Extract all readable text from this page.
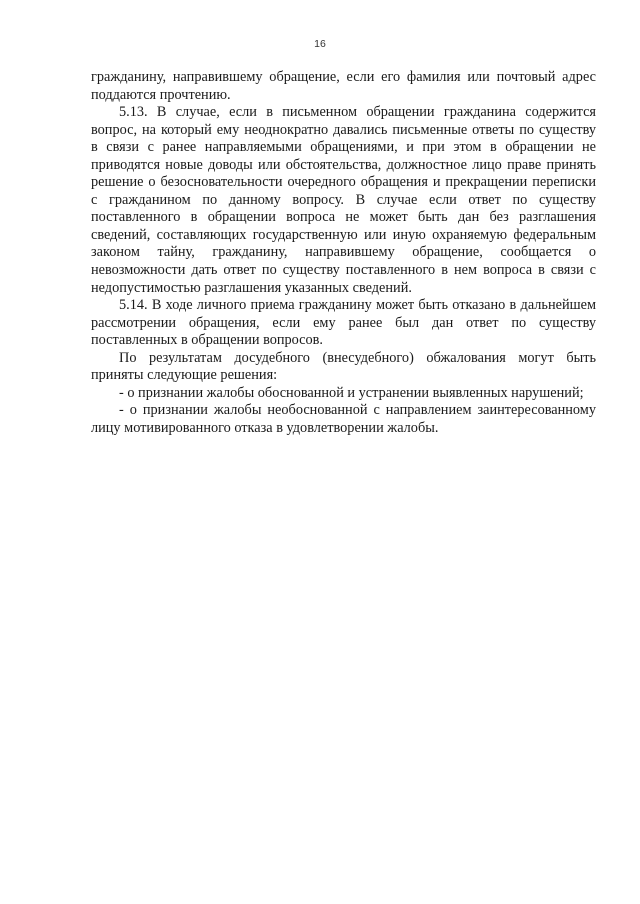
16
гражданину, направившему обращение, если его фамилия или почтовый адрес
поддаются прочтению.
5.13. В случае, если в письменном обращении гражданина содержится
вопрос, на который ему неоднократно давались письменные ответы по существу
в связи с ранее направляемыми обращениями, и при этом в обращении не
приводятся новые доводы или обстоятельства, должностное лицо праве принять
решение о безосновательности очередного обращения и прекращении переписки
с гражданином по данному вопросу. В случае если ответ по существу
поставленного в обращении вопроса не может быть дан без разглашения
сведений, составляющих государственную или иную охраняемую федеральным
законом тайну, гражданину, направившему обращение, сообщается о
невозможности дать ответ по существу поставленного в нем вопроса в связи с
недопустимостью разглашения указанных сведений.
5.14. В ходе личного приема гражданину может быть отказано в дальнейшем
рассмотрении обращения, если ему ранее был дан ответ по существу
поставленных в обращении вопросов.
По результатам досудебного (внесудебного) обжалования могут быть
приняты следующие решения:
- о признании жалобы обоснованной и устранении выявленных нарушений;
- о признании жалобы необоснованной с направлением заинтересованному
лицу мотивированного отказа в удовлетворении жалобы.
